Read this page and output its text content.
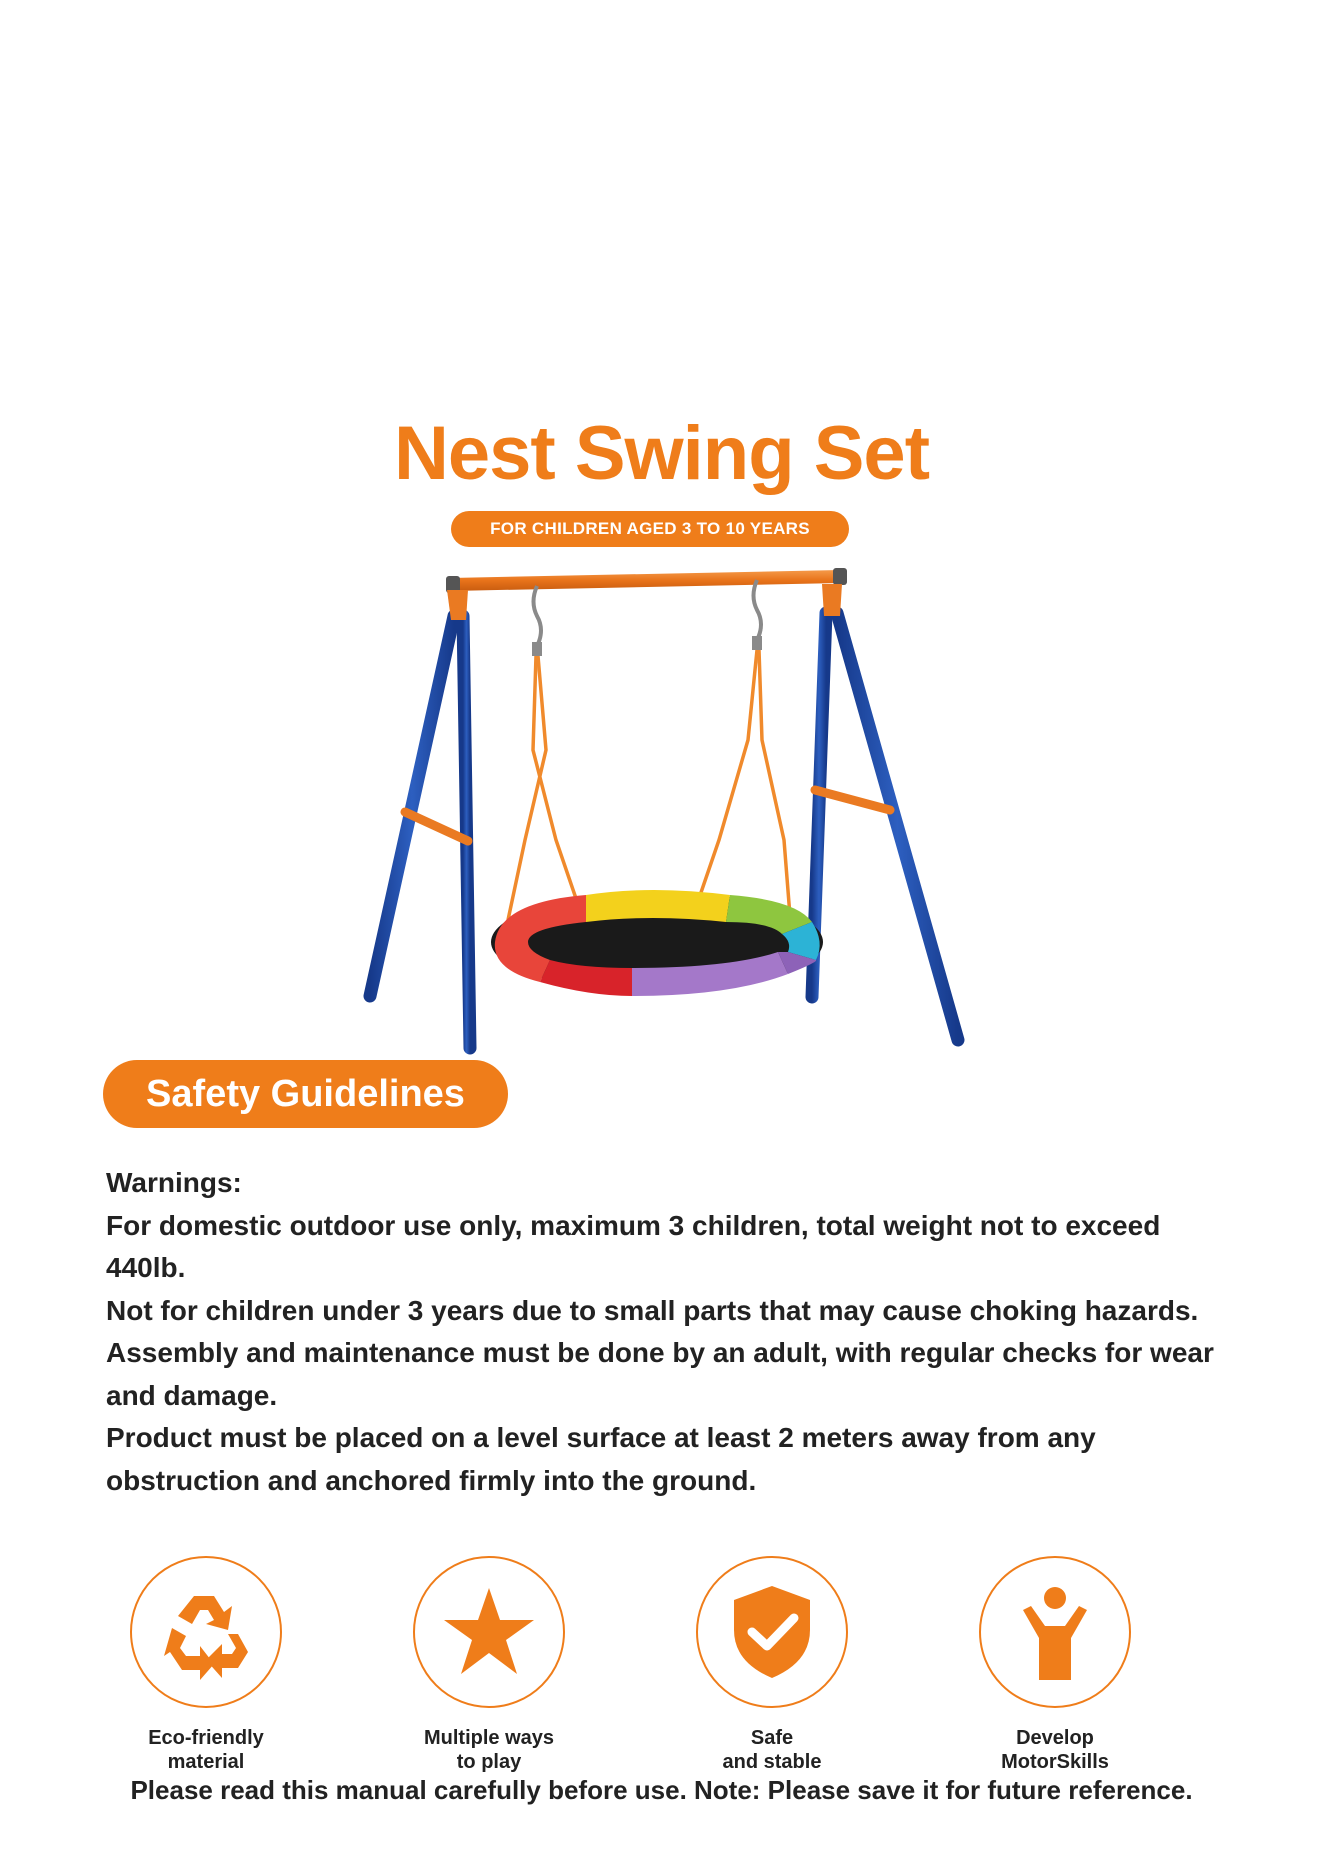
Nest Swing Set
FOR CHILDREN AGED 3 TO 10 YEARS
Safety Guidelines

Warnings:

For domestic outdoor use only, maximum 3 children, total weight not to exceed 440lb.

Not for children under 3 years due to small parts that may cause choking hazards.

Assembly and maintenance must be done by an adult, with regular checks for wear and damage.

Product must be placed on a level surface at least 2 meters away from any obstruction and anchored firmly into the ground.

Eco-friendly
material
Multiple ways
to play
Safe
and stable
Develop
MotorSkills
Please read this manual carefully before use. Note: Please save it for future reference.
